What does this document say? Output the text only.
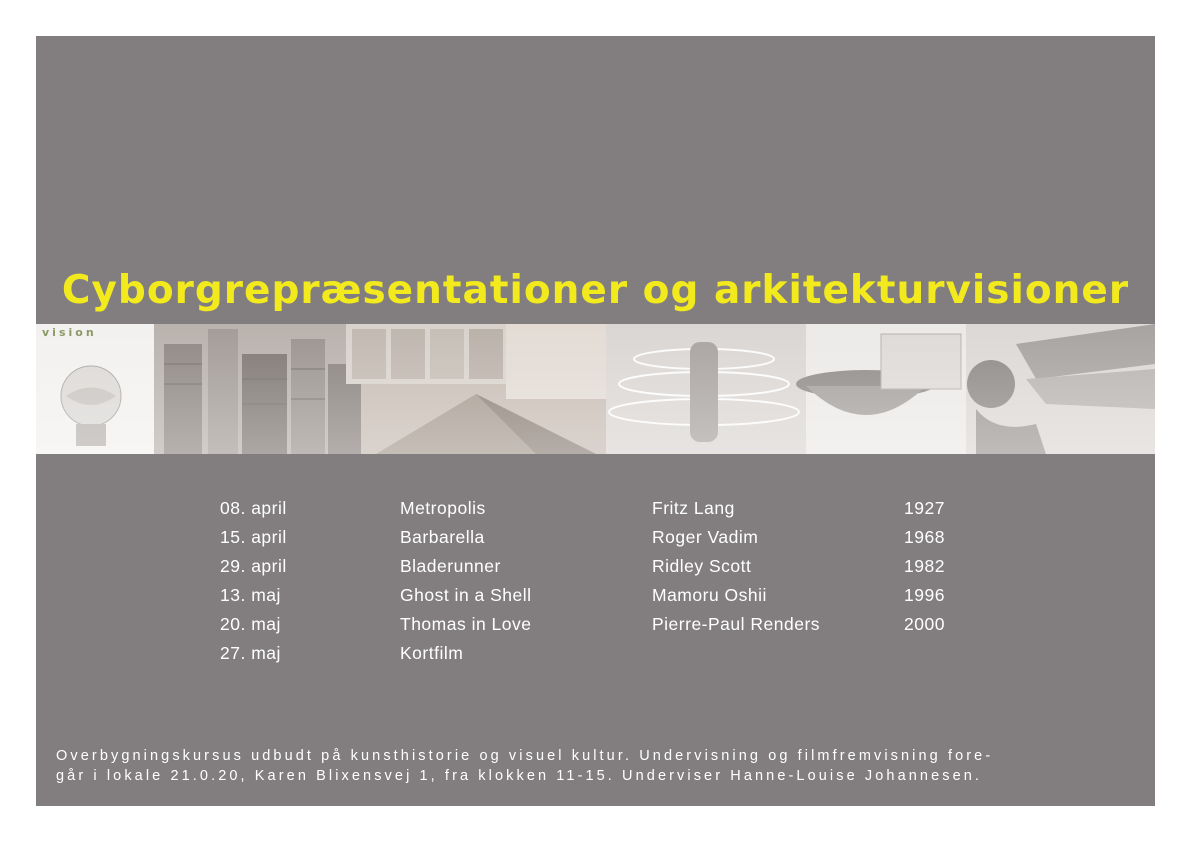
Cyborgrepræsentationer og arkitekturvisioner
vision
08. april	Metropolis	Fritz Lang	1927
15. april	Barbarella	Roger Vadim	1968
29. april	Bladerunner	Ridley Scott	1982
13. maj	Ghost in a Shell	Mamoru Oshii	1996
20. maj	Thomas in Love	Pierre-Paul Renders	2000
27. maj	Kortfilm		
Overbygningskursus udbudt på kunsthistorie og visuel kultur. Undervisning og filmfremvisning fore-
går i lokale 21.0.20, Karen Blixensvej 1, fra klokken 11-15. Underviser Hanne-Louise Johannesen.
